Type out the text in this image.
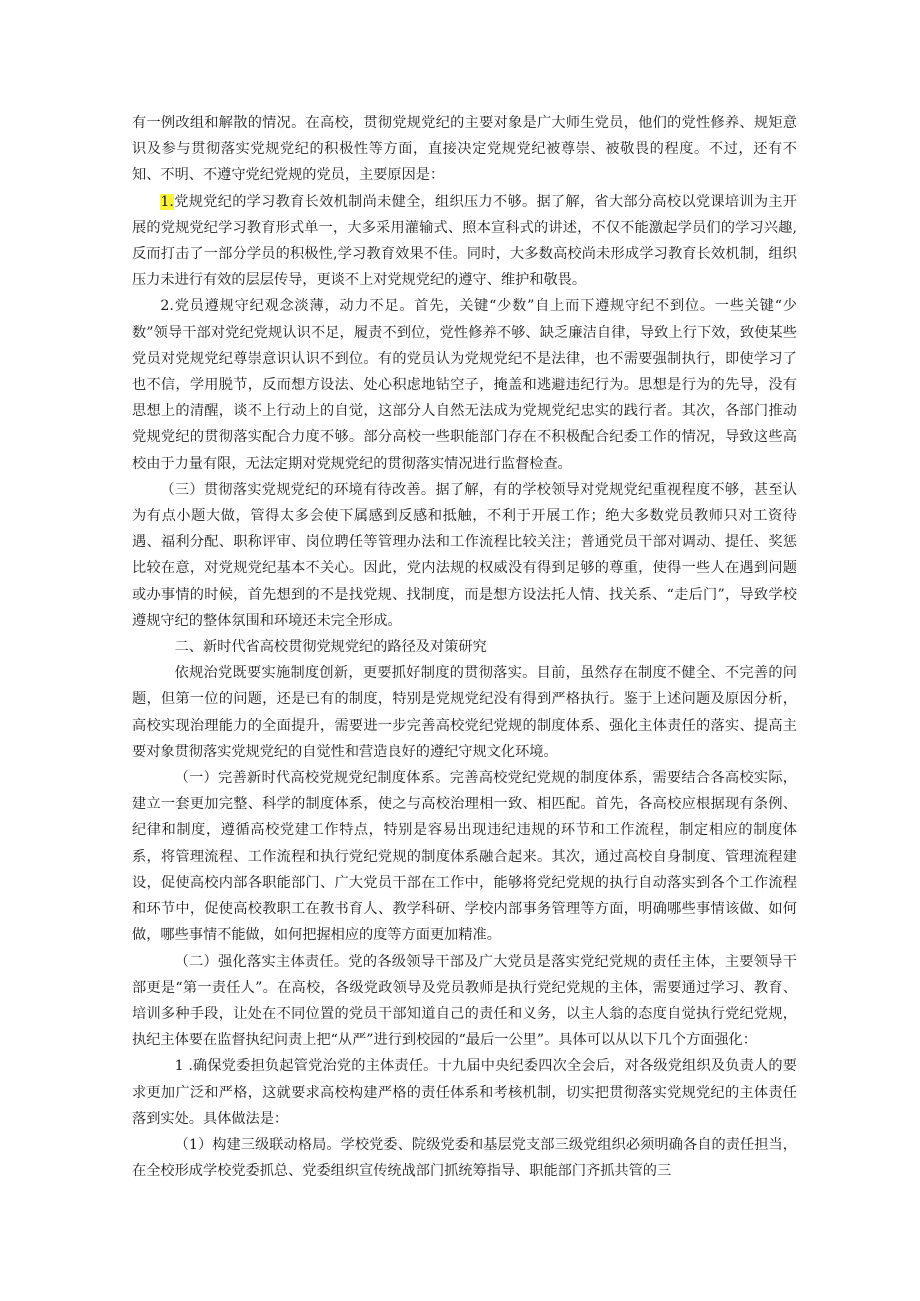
有一例改组和解散的情况。在高校，贯彻党规党纪的主要对象是广大师生党员，他们的党性修养、规矩意识及参与贯彻落实党规党纪的积极性等方面，直接决定党规党纪被尊崇、被敬畏的程度。不过，还有不知、不明、不遵守党纪党规的党员，主要原因是：

1.党规党纪的学习教育长效机制尚未健全，组织压力不够。据了解，省大部分高校以党课培训为主开展的党规党纪学习教育形式单一，大多采用灌输式、照本宣科式的讲述，不仅不能激起学员们的学习兴趣,反而打击了一部分学员的积极性,学习教育效果不佳。同时，大多数高校尚未形成学习教育长效机制，组织压力未进行有效的层层传导，更谈不上对党规党纪的遵守、维护和敬畏。

2.党员遵规守纪观念淡薄，动力不足。首先，关键“少数”自上而下遵规守纪不到位。一些关键“少数”领导干部对党纪党规认识不足，履责不到位，党性修养不够、缺乏廉洁自律，导致上行下效，致使某些党员对党规党纪尊崇意识认识不到位。有的党员认为党规党纪不是法律，也不需要强制执行，即使学习了也不信，学用脱节，反而想方设法、处心积虑地钻空子，掩盖和逃避违纪行为。思想是行为的先导，没有思想上的清醒，谈不上行动上的自觉，这部分人自然无法成为党规党纪忠实的践行者。其次，各部门推动党规党纪的贯彻落实配合力度不够。部分高校一些职能部门存在不积极配合纪委工作的情况，导致这些高校由于力量有限，无法定期对党规党纪的贯彻落实情况进行监督检查。

（三）贯彻落实党规党纪的环境有待改善。据了解，有的学校领导对党规党纪重视程度不够，甚至认为有点小题大做，管得太多会使下属感到反感和抵触，不利于开展工作；绝大多数党员教师只对工资待遇、福利分配、职称评审、岗位聘任等管理办法和工作流程比较关注；普通党员干部对调动、提任、奖惩比较在意，对党规党纪基本不关心。因此，党内法规的权威没有得到足够的尊重，使得一些人在遇到问题或办事情的时候，首先想到的不是找党规、找制度，而是想方设法托人情、找关系、“走后门”，导致学校遵规守纪的整体氛围和环境还未完全形成。

二、新时代省高校贯彻党规党纪的路径及对策研究

依规治党既要实施制度创新，更要抓好制度的贯彻落实。目前，虽然存在制度不健全、不完善的问题，但第一位的问题，还是已有的制度，特别是党规党纪没有得到严格执行。鉴于上述问题及原因分析，高校实现治理能力的全面提升，需要进一步完善高校党纪党规的制度体系、强化主体责任的落实、提高主要对象贯彻落实党规党纪的自觉性和营造良好的遵纪守规文化环境。

（一）完善新时代高校党规党纪制度体系。完善高校党纪党规的制度体系，需要结合各高校实际，建立一套更加完整、科学的制度体系，使之与高校治理相一致、相匹配。首先，各高校应根据现有条例、纪律和制度，遵循高校党建工作特点，特别是容易出现违纪违规的环节和工作流程，制定相应的制度体系，将管理流程、工作流程和执行党纪党规的制度体系融合起来。其次，通过高校自身制度、管理流程建设，促使高校内部各职能部门、广大党员干部在工作中，能够将党纪党规的执行自动落实到各个工作流程和环节中，促使高校教职工在教书育人、教学科研、学校内部事务管理等方面，明确哪些事情该做、如何做，哪些事情不能做，如何把握相应的度等方面更加精准。

（二）强化落实主体责任。党的各级领导干部及广大党员是落实党纪党规的责任主体，主要领导干部更是“第一责任人”。在高校，各级党政领导及党员教师是执行党纪党规的主体，需要通过学习、教育、培训多种手段，让处在不同位置的党员干部知道自己的责任和义务，以主人翁的态度自觉执行党纪党规，执纪主体要在监督执纪问责上把“从严”进行到校园的“最后一公里”。具体可以从以下几个方面强化：

1 .确保党委担负起管党治党的主体责任。十九届中央纪委四次全会后，对各级党组织及负责人的要求更加广泛和严格，这就要求高校构建严格的责任体系和考核机制，切实把贯彻落实党规党纪的主体责任落到实处。具体做法是：

（1）构建三级联动格局。学校党委、院级党委和基层党支部三级党组织必须明确各自的责任担当，在全校形成学校党委抓总、党委组织宣传统战部门抓统筹指导、职能部门齐抓共管的三
